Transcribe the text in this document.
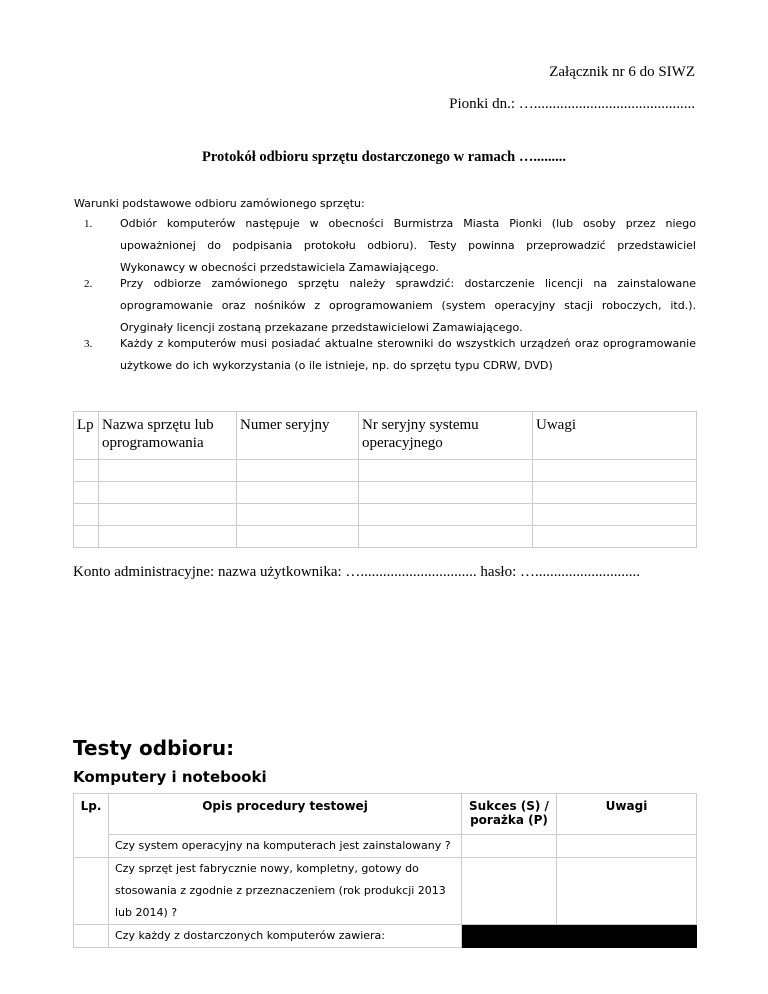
Załącznik nr 6 do SIWZ
Pionki dn.: …...........................................
Protokół odbioru sprzętu dostarczonego w ramach ….........
Warunki podstawowe odbioru zamówionego sprzętu:
1.	Odbiór komputerów następuje w obecności Burmistrza Miasta Pionki (lub osoby przez niego upoważnionej do podpisania protokołu odbioru). Testy powinna przeprowadzić przedstawiciel Wykonawcy w obecności przedstawiciela Zamawiającego.
2.	Przy odbiorze zamówionego sprzętu należy sprawdzić: dostarczenie licencji na zainstalowane oprogramowanie oraz nośników z oprogramowaniem (system operacyjny stacji roboczych, itd.). Oryginały licencji zostaną przekazane przedstawicielowi Zamawiającego.
3.	Każdy z komputerów musi posiadać aktualne sterowniki do wszystkich urządzeń oraz oprogramowanie użytkowe do ich wykorzystania (o ile istnieje, np. do sprzętu typu CDRW, DVD)
Lp	Nazwa sprzętu lub oprogramowania	Numer seryjny	Nr seryjny systemu operacyjnego	Uwagi

Konto administracyjne: nazwa użytkownika: …............................... hasło: …............................
Testy odbioru:
Komputery i notebooki
Lp.	Opis procedury testowej	Sukces (S) / porażka (P)	Uwagi
	Czy system operacyjny na komputerach jest zainstalowany ?		
	Czy sprzęt jest fabrycznie nowy, kompletny, gotowy do stosowania z zgodnie z przeznaczeniem (rok produkcji 2013 lub 2014) ?		
	Czy każdy z dostarczonych komputerów zawiera:		
